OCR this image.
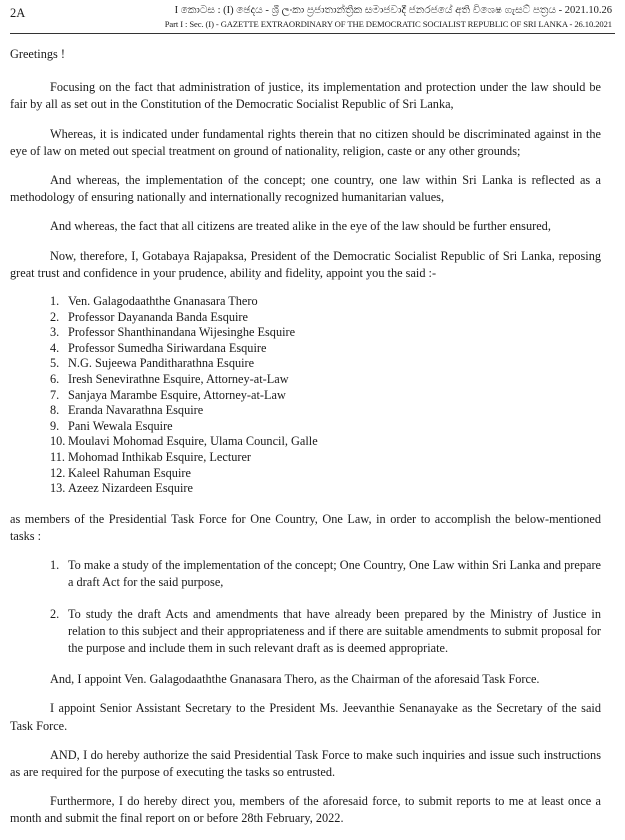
2A	I කොටස : (I) ඡෙදය - ශ්‍රී ලංකා ප්‍රජාතාන්ත්‍රික සමාජවාදී ජනරජයේ අති විශෙෂ ගැසට් පත්‍රය - 2021.10.26
Part I : Sec. (I) - GAZETTE EXTRAORDINARY OF THE DEMOCRATIC SOCIALIST REPUBLIC OF SRI LANKA - 26.10.2021

Greetings !

Focusing on the fact that administration of justice, its implementation and protection under the law should be fair by all as set out in the Constitution of the Democratic Socialist Republic of Sri Lanka,

Whereas, it is indicated under fundamental rights therein that no citizen should be discriminated against in the eye of law on meted out special treatment on ground of nationality, religion, caste or any other grounds;

And whereas, the implementation of the concept; one country, one law within Sri Lanka is reflected as a methodology of ensuring nationally and internationally recognized humanitarian values,

And whereas, the fact that all citizens are treated alike in the eye of the law should be further ensured,

Now, therefore, I, Gotabaya Rajapaksa, President of the Democratic Socialist Republic of Sri Lanka, reposing great trust and confidence in your prudence, ability and fidelity, appoint you the said :-

1. Ven. Galagodaaththe Gnanasara Thero
2. Professor Dayananda Banda Esquire
3. Professor Shanthinandana Wijesinghe Esquire
4. Professor Sumedha Siriwardana Esquire
5. N.G. Sujeewa Panditharathna Esquire
6. Iresh Senevirathne Esquire, Attorney-at-Law
7. Sanjaya Marambe Esquire, Attorney-at-Law
8. Eranda Navarathna Esquire
9. Pani Wewala Esquire
10. Moulavi Mohomad Esquire, Ulama Council, Galle
11. Mohomad Inthikab Esquire, Lecturer
12. Kaleel Rahuman Esquire
13. Azeez Nizardeen Esquire

as members of the Presidential Task Force for One Country, One Law, in order to accomplish the below-mentioned tasks :

1. To make a study of the implementation of the concept; One Country, One Law within Sri Lanka and prepare a draft Act for the said purpose,
2. To study the draft Acts and amendments that have already been prepared by the Ministry of Justice in relation to this subject and their appropriateness and if there are suitable amendments to submit proposal for the purpose and include them in such relevant draft as is deemed appropriate.

And, I appoint Ven. Galagodaaththe Gnanasara Thero, as the Chairman of the aforesaid Task Force.

I appoint Senior Assistant Secretary to the President Ms. Jeevanthie Senanayake as the Secretary of the said Task Force.

AND, I do hereby authorize the said Presidential Task Force to make such inquiries and issue such instructions as are required for the purpose of executing the tasks so entrusted.

Furthermore, I do hereby direct you, members of the aforesaid force, to submit reports to me at least once a month and submit the final report on or before 28th February, 2022.
